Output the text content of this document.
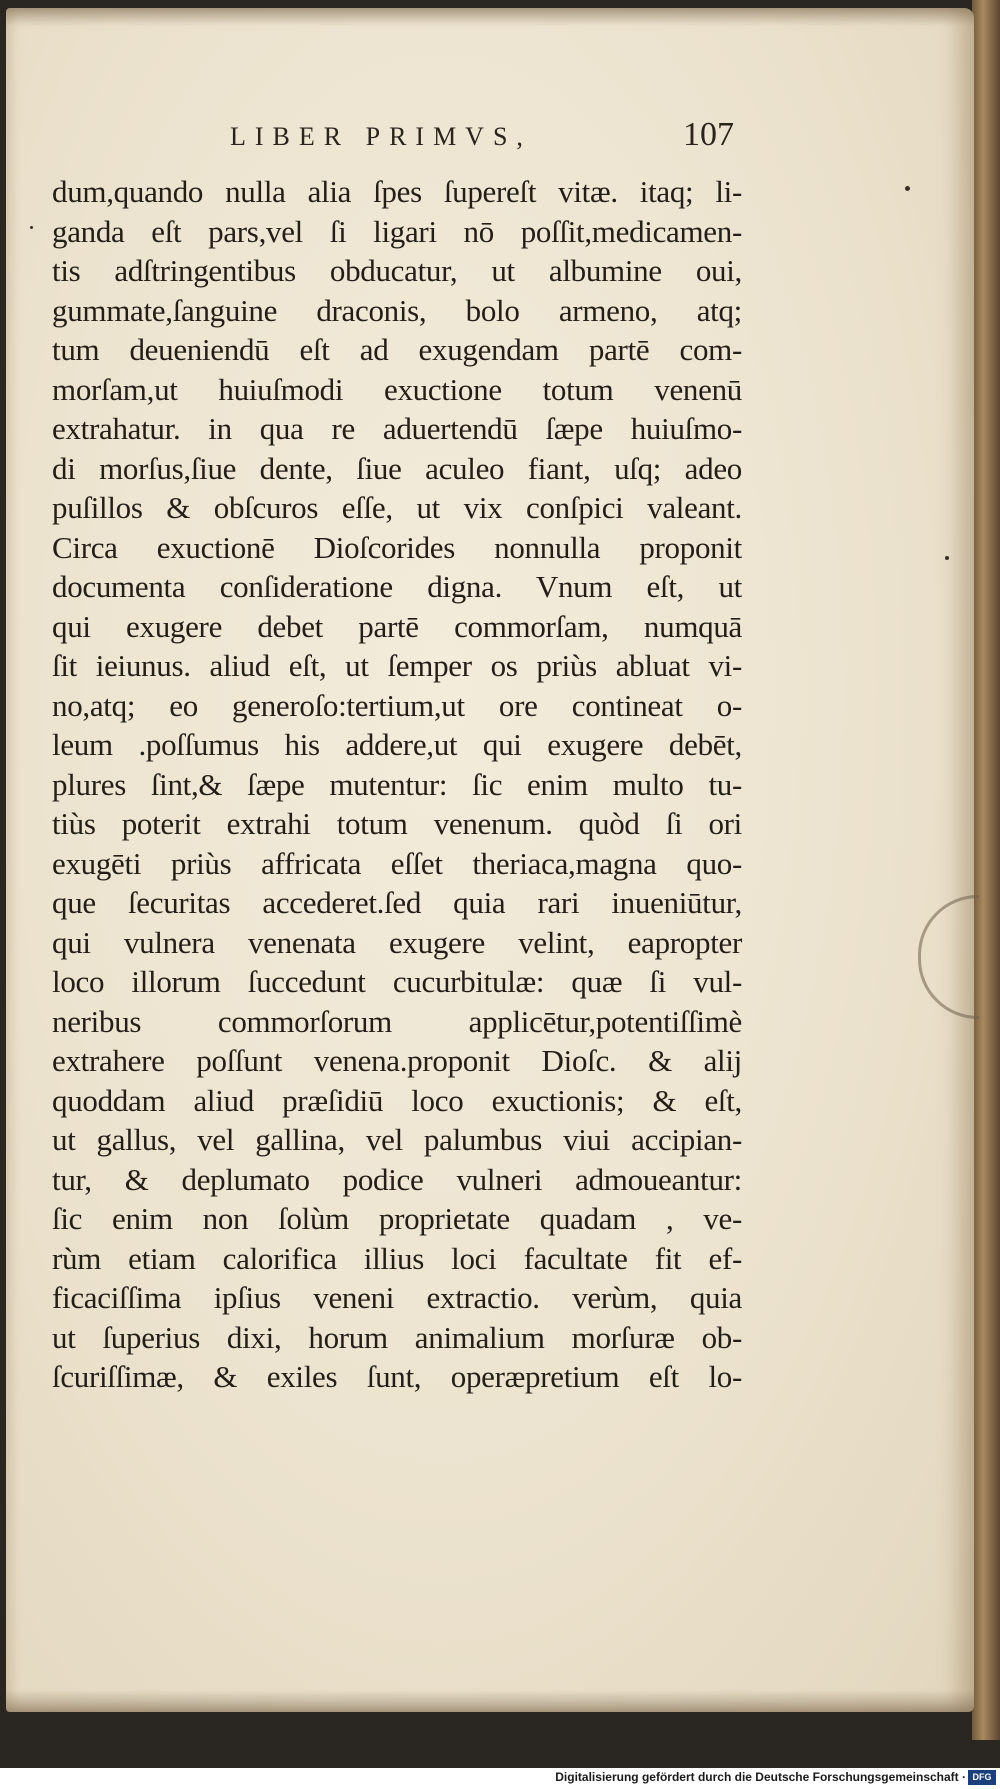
LIBER PRIMVS,	107
dum,quando nulla alia ſpes ſupereſt vitæ. itaq; li-
ganda eſt pars,vel ſi ligari nō poſſit,medicamen-
tis adſtringentibus obducatur, ut albumine oui,
gummate,ſanguine draconis, bolo armeno, atq;
tum deueniendū eſt ad exugendam partē com-
morſam,ut huiuſmodi exuctione totum venenū
extrahatur. in qua re aduertendū ſæpe huiuſmo-
di morſus,ſiue dente, ſiue aculeo fiant, uſq; adeo
puſillos & obſcuros eſſe, ut vix conſpici valeant.
Circa exuctionē Dioſcorides nonnulla proponit
documenta conſideratione digna. Vnum eſt, ut
qui exugere debet partē commorſam, numquā
ſit ieiunus. aliud eſt, ut ſemper os priùs abluat vi-
no,atq; eo generoſo:tertium,ut ore contineat o-
leum .poſſumus his addere,ut qui exugere debēt,
plures ſint,& ſæpe mutentur: ſic enim multo tu-
tiùs poterit extrahi totum venenum. quòd ſi ori
exugēti priùs affricata eſſet theriaca,magna quo-
que ſecuritas accederet.ſed quia rari inueniūtur,
qui vulnera venenata exugere velint, eapropter
loco illorum ſuccedunt cucurbitulæ: quæ ſi vul-
neribus commorſorum applicētur,potentiſſimè
extrahere poſſunt venena.proponit Dioſc. & alij
quoddam aliud præſidiū loco exuctionis; & eſt,
ut gallus, vel gallina, vel palumbus viui accipian-
tur, & deplumato podice vulneri admoueantur:
ſic enim non ſolùm proprietate quadam , ve-
rùm etiam calorifica illius loci facultate fit ef-
ficaciſſima ipſius veneni extractio. verùm, quia
ut ſuperius dixi, horum animalium morſuræ ob-
ſcuriſſimæ, & exiles ſunt, operæpretium eſt lo-
Digitalisierung gefördert durch die Deutsche Forschungsgemeinschaft · DFG
